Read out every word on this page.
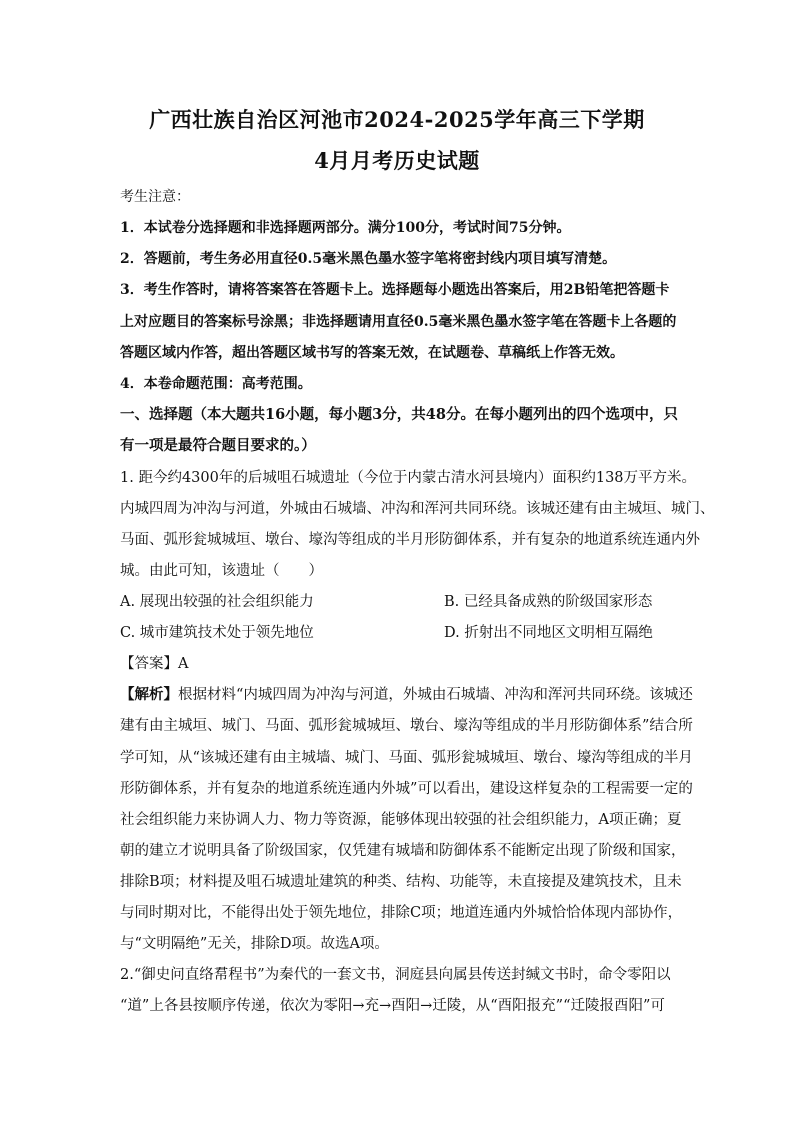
广西壮族自治区河池市2024-2025学年高三下学期
4月月考历史试题
考生注意：
1．本试卷分选择题和非选择题两部分。满分100分，考试时间75分钟。
2．答题前，考生务必用直径0.5毫米黑色墨水签字笔将密封线内项目填写清楚。
3．考生作答时，请将答案答在答题卡上。选择题每小题选出答案后，用2B铅笔把答题卡
上对应题目的答案标号涂黑；非选择题请用直径0.5毫米黑色墨水签字笔在答题卡上各题的
答题区域内作答，超出答题区域书写的答案无效，在试题卷、草稿纸上作答无效。
4．本卷命题范围：高考范围。
一、选择题（本大题共16小题，每小题3分，共48分。在每小题列出的四个选项中，只
有一项是最符合题目要求的。）
1. 距今约4300年的后城咀石城遗址（今位于内蒙古清水河县境内）面积约138万平方米。
内城四周为冲沟与河道，外城由石城墙、冲沟和浑河共同环绕。该城还建有由主城垣、城门、
马面、弧形瓮城城垣、墩台、壕沟等组成的半月形防御体系，并有复杂的地道系统连通内外
城。由此可知，该遗址（　　）
A. 展现出较强的社会组织能力	B. 已经具备成熟的阶级国家形态
C. 城市建筑技术处于领先地位	D. 折射出不同地区文明相互隔绝
【答案】A
【解析】根据材料“内城四周为冲沟与河道，外城由石城墙、冲沟和浑河共同环绕。该城还
建有由主城垣、城门、马面、弧形瓮城城垣、墩台、壕沟等组成的半月形防御体系”结合所
学可知，从“该城还建有由主城墙、城门、马面、弧形瓮城城垣、墩台、壕沟等组成的半月
形防御体系，并有复杂的地道系统连通内外城”可以看出，建设这样复杂的工程需要一定的
社会组织能力来协调人力、物力等资源，能够体现出较强的社会组织能力，A项正确；夏
朝的建立才说明具备了阶级国家，仅凭建有城墙和防御体系不能断定出现了阶级和国家，
排除B项；材料提及咀石城遗址建筑的种类、结构、功能等，未直接提及建筑技术，且未
与同时期对比，不能得出处于领先地位，排除C项；地道连通内外城恰恰体现内部协作，
与“文明隔绝”无关，排除D项。故选A项。
2.“御史问直络帬程书”为秦代的一套文书，洞庭县向属县传送封缄文书时，命令零阳以
“道”上各县按顺序传递，依次为零阳→充→酉阳→迁陵，从“酉阳报充”“迁陵报酉阳”可
